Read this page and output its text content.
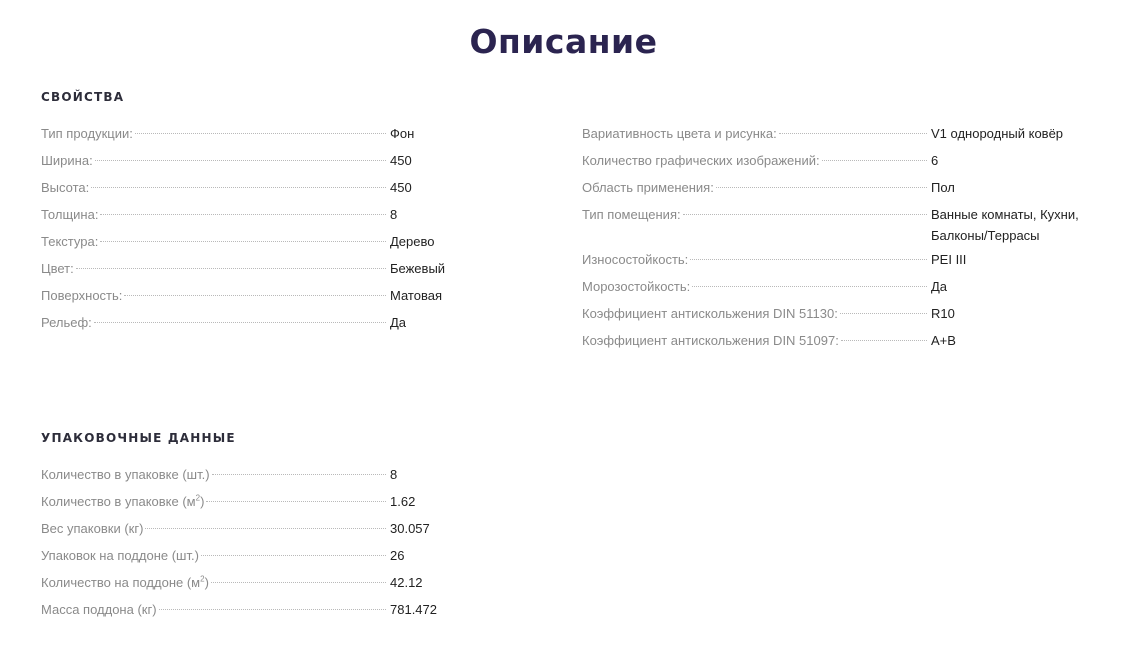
Описание
СВОЙСТВА
Тип продукции:	Фон
Ширина:	450
Высота:	450
Толщина:	8
Текстура:	Дерево
Цвет:	Бежевый
Поверхность:	Матовая
Рельеф:	Да
Вариативность цвета и рисунка:	V1 однородный ковёр
Количество графических изображений:	6
Область применения:	Пол
Тип помещения:	Ванные комнаты, Кухни, Балконы/Террасы
Износостойкость:	PEI III
Морозостойкость:	Да
Коэффициент антискольжения DIN 51130:	R10
Коэффициент антискольжения DIN 51097:	A+B
УПАКОВОЧНЫЕ ДАННЫЕ
Количество в упаковке (шт.)	8
Количество в упаковке $(м^2)$	1.62
Вес упаковки (кг)	30.057
Упаковок на поддоне (шт.)	26
Количество на поддоне $(м^2)$	42.12
Масса поддона (кг)	781.472
